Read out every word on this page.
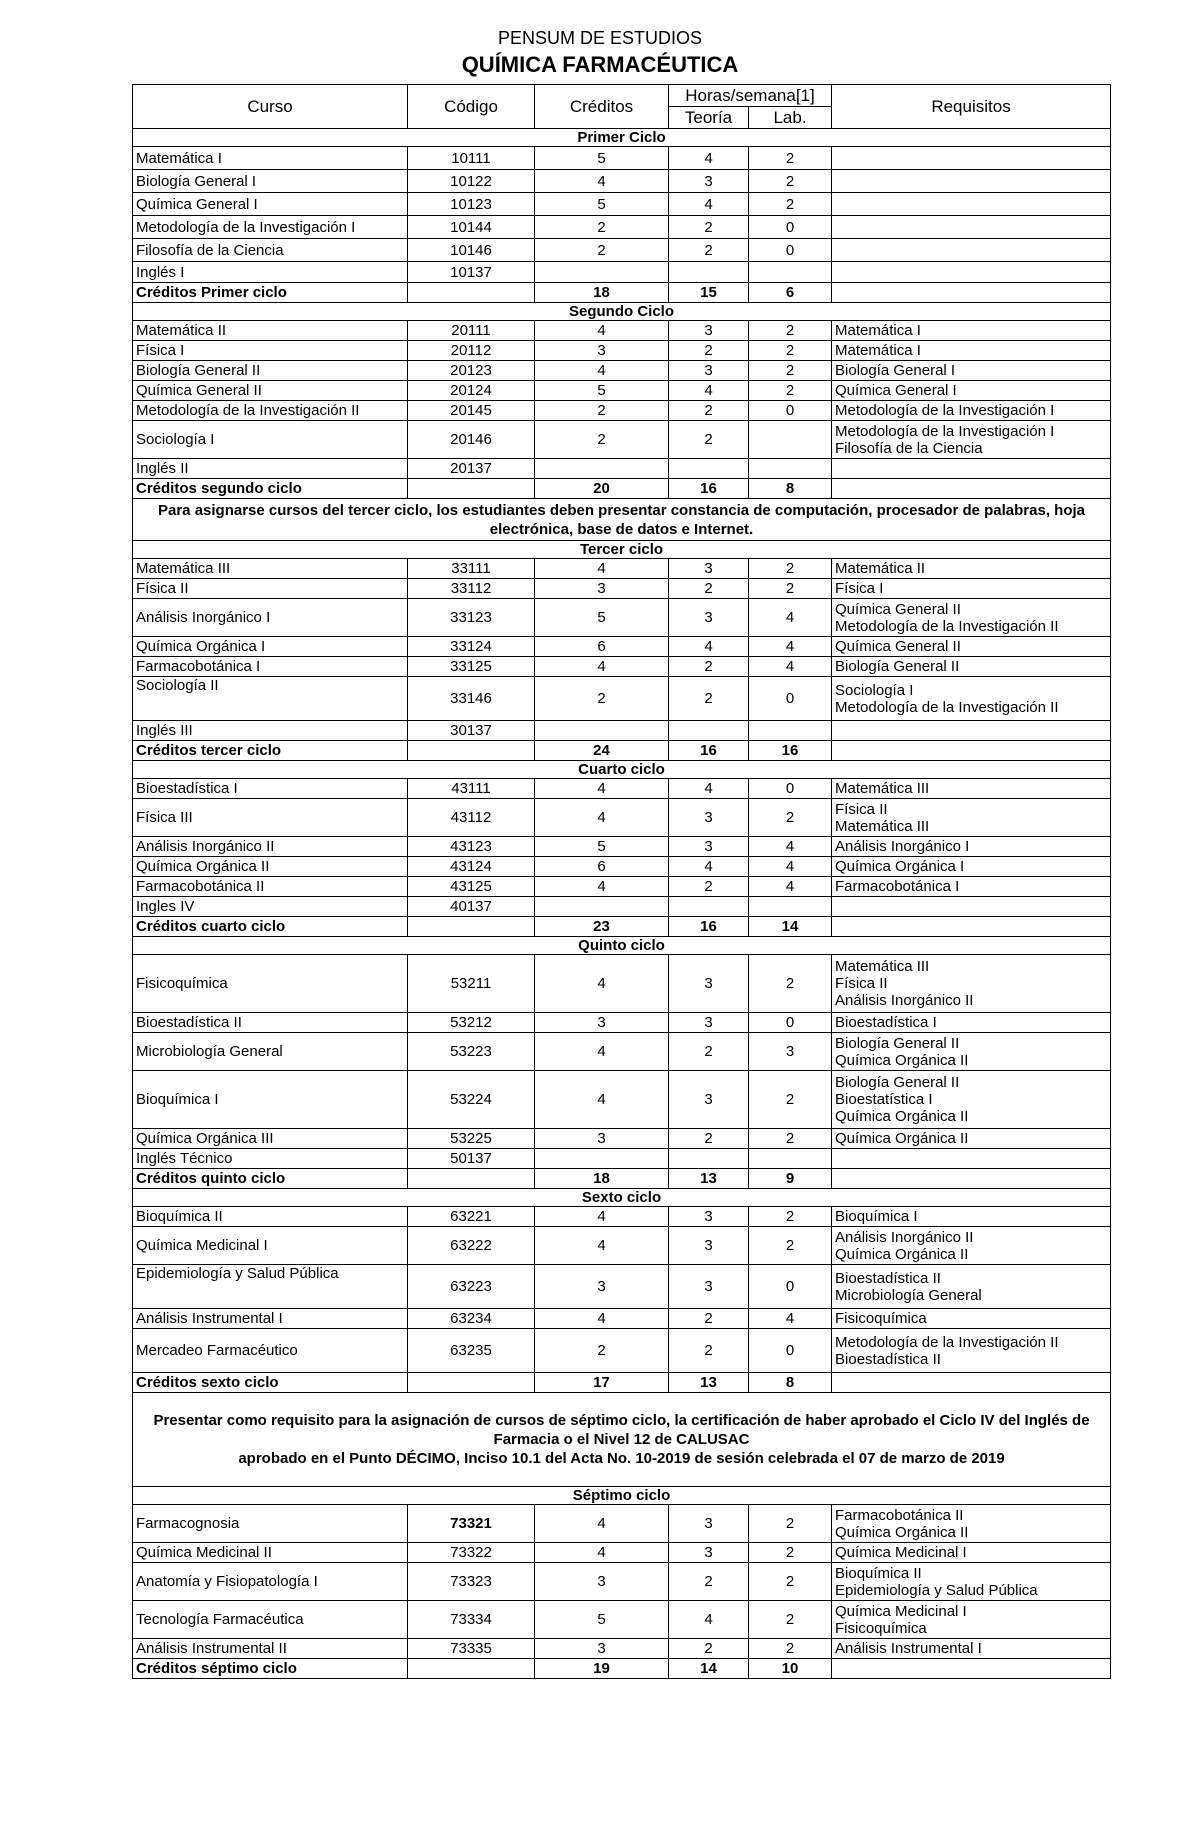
PENSUM DE ESTUDIOS
QUÍMICA FARMACÉUTICA
Curso	Código	Créditos	Horas/semana[1]		Requisitos
			Teoría	Lab.	
Primer Ciclo					
Matemática I	10111	5	4	2	
Biología General I	10122	4	3	2	
Química General I	10123	5	4	2	
Metodología de la Investigación I	10144	2	2	0	
Filosofía de la Ciencia	10146	2	2	0	
Inglés I	10137				
Créditos Primer ciclo		18	15	6	
Segundo Ciclo					
Matemática II	20111	4	3	2	Matemática I
Física I	20112	3	2	2	Matemática I
Biología General II	20123	4	3	2	Biología General I
Química General II	20124	5	4	2	Química General I
Metodología de la Investigación II	20145	2	2	0	Metodología de la Investigación I
Sociología I	20146	2	2		Metodología de la Investigación I
Filosofía de la Ciencia
Inglés II	20137				
Créditos segundo ciclo		20	16	8	
Para asignarse cursos del tercer ciclo, los estudiantes deben presentar constancia de computación, procesador de palabras, hoja electrónica, base de datos e Internet.					
Tercer ciclo					
Matemática III	33111	4	3	2	Matemática II
Física II	33112	3	2	2	Física I
Análisis Inorgánico I	33123	5	3	4	Química General II
Metodología de la Investigación II
Química Orgánica I	33124	6	4	4	Química General II
Farmacobotánica I	33125	4	2	4	Biología General II
Sociología II	33146	2	2	0	Sociología I
Metodología de la Investigación II
Inglés III	30137				
Créditos tercer ciclo		24	16	16	
Cuarto ciclo					
Bioestadística I	43111	4	4	0	Matemática III
Física III	43112	4	3	2	Física II
Matemática III
Análisis Inorgánico II	43123	5	3	4	Análisis Inorgánico I
Química Orgánica II	43124	6	4	4	Química Orgánica I
Farmacobotánica II	43125	4	2	4	Farmacobotánica I
Ingles IV	40137				
Créditos cuarto ciclo		23	16	14	
Quinto ciclo					
Fisicoquímica	53211	4	3	2	Matemática III
Física II
Análisis Inorgánico II
Bioestadística II	53212	3	3	0	Bioestadística I
Microbiología General	53223	4	2	3	Biología General II
Química Orgánica II
Bioquímica I	53224	4	3	2	Biología General II
Bioestatística I
Química Orgánica II
Química Orgánica III	53225	3	2	2	Química Orgánica II
Inglés Técnico	50137				
Créditos quinto ciclo		18	13	9	
Sexto ciclo					
Bioquímica II	63221	4	3	2	Bioquímica I
Química Medicinal I	63222	4	3	2	Análisis Inorgánico II
Química Orgánica II
Epidemiología y Salud Pública	63223	3	3	0	Bioestadística II
Microbiología General
Análisis Instrumental I	63234	4	2	4	Fisicoquímica
Mercadeo Farmacéutico	63235	2	2	0	Metodología de la Investigación II
Bioestadística II
Créditos sexto ciclo		17	13	8	
Presentar como requisito para la asignación de cursos de séptimo ciclo, la certificación de haber aprobado el Ciclo IV del Inglés de Farmacia o el Nivel 12 de CALUSAC
aprobado en el Punto DÉCIMO, Inciso 10.1 del Acta No. 10-2019 de sesión celebrada el 07 de marzo de 2019					
Séptimo ciclo					
Farmacognosia	73321	4	3	2	Farmacobotánica II
Química Orgánica II
Química Medicinal II	73322	4	3	2	Química Medicinal I
Anatomía y Fisiopatología I	73323	3	2	2	Bioquímica II
Epidemiología y Salud Pública
Tecnología Farmacéutica	73334	5	4	2	Química Medicinal I
Fisicoquímica
Análisis Instrumental II	73335	3	2	2	Análisis Instrumental I
Créditos séptimo ciclo		19	14	10	
